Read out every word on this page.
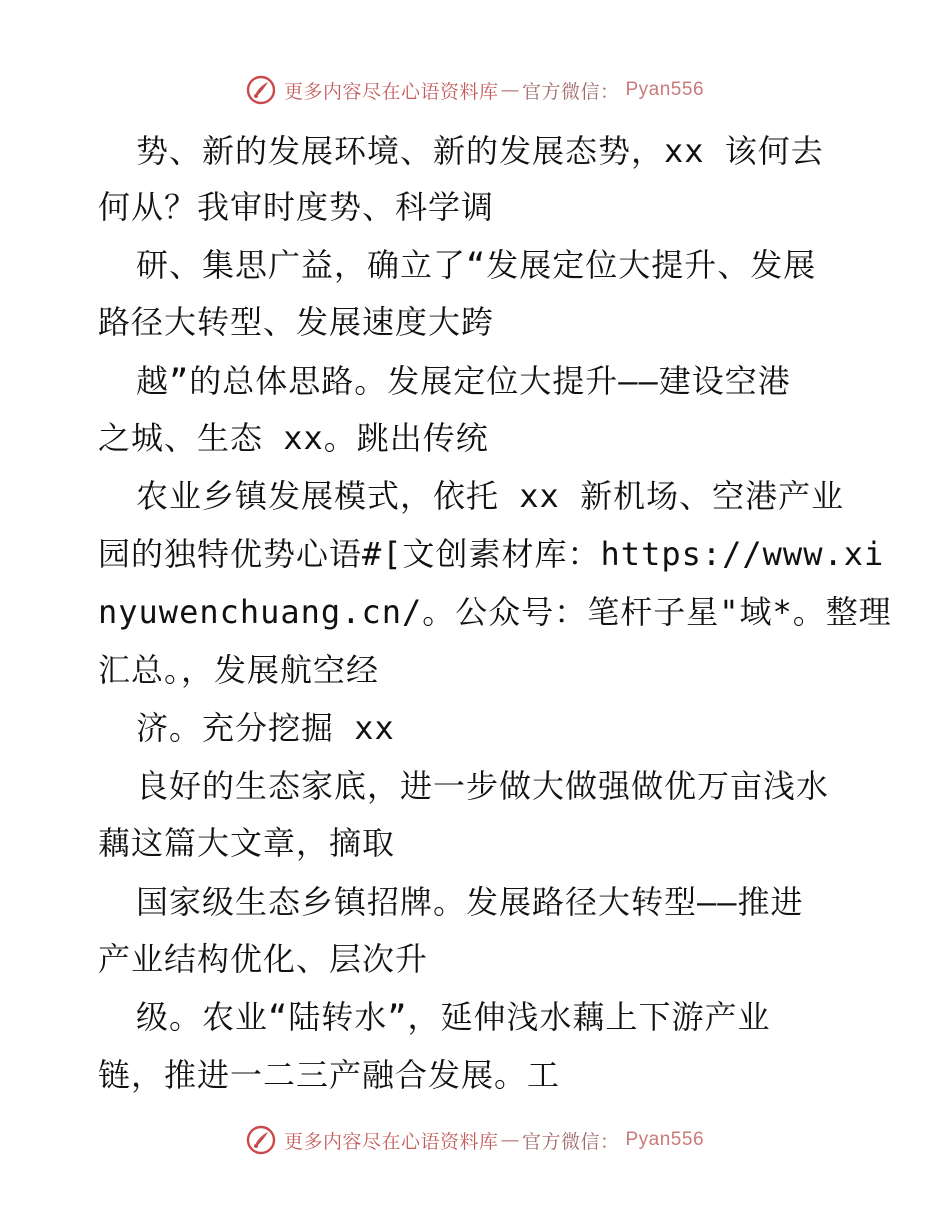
更多内容尽在心语资料库 — 官方微信： Pyan556
势、新的发展环境、新的发展态势，xx 该何去
何从？我审时度势、科学调
研、集思广益，确立了“发展定位大提升、发展
路径大转型、发展速度大跨
越”的总体思路。发展定位大提升——建设空港
之城、生态 xx。跳出传统
农业乡镇发展模式，依托 xx 新机场、空港产业
园的独特优势心语#[文创素材库：https://www.xi
nyuwenchuang.cn/。公众号：笔杆子星"域*。整理
汇总。，发展航空经
济。充分挖掘 xx
良好的生态家底，进一步做大做强做优万亩浅水
藕这篇大文章，摘取
国家级生态乡镇招牌。发展路径大转型——推进
产业结构优化、层次升
级。农业“陆转水”，延伸浅水藕上下游产业
链，推进一二三产融合发展。工
更多内容尽在心语资料库 — 官方微信： Pyan556
